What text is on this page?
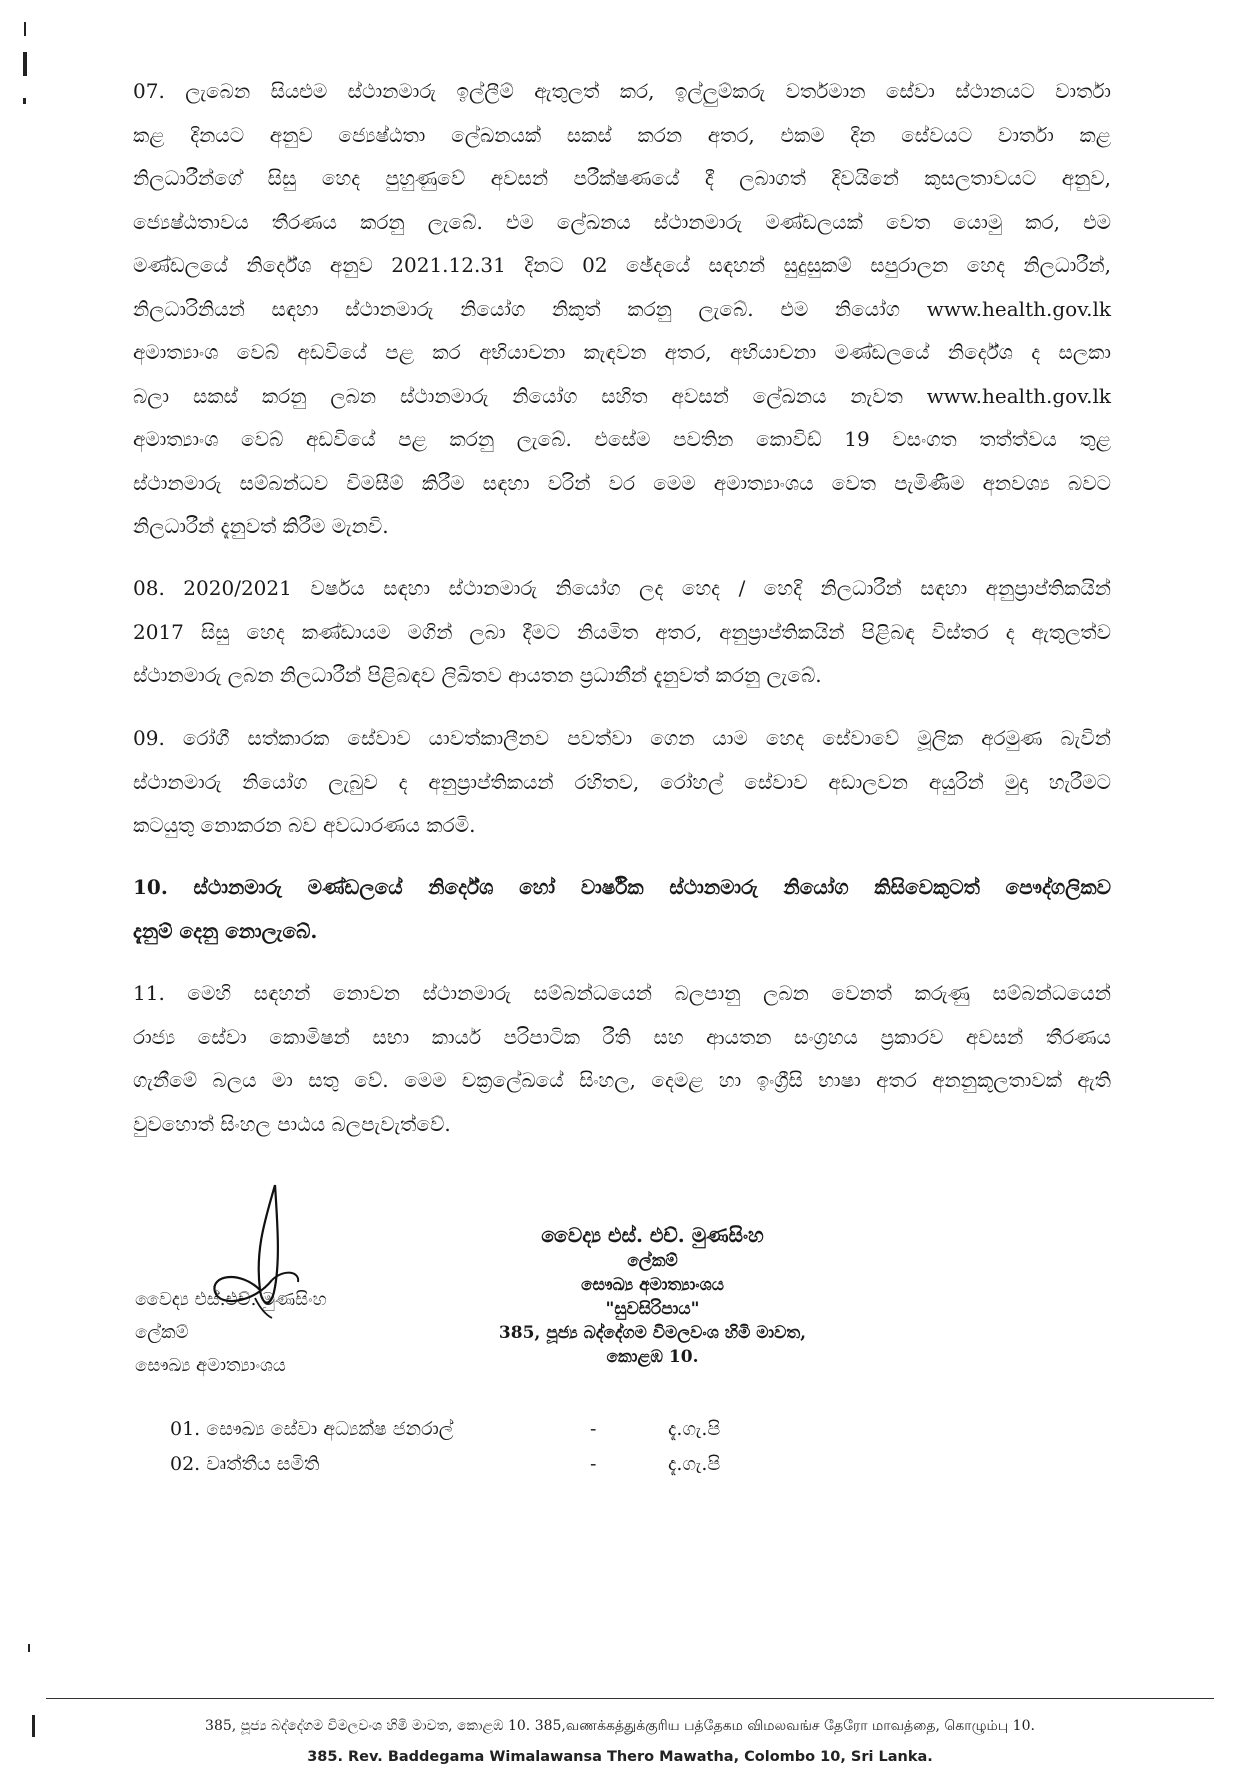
07. ලැබෙන සියළුම ස්ථානමාරු ඉල්ලීම් ඇතුලත් කර, ඉල්ලුම්කරු වර්තමාන සේවා ස්ථානයට වාර්තා
කළ දිනයට අනුව ජ්‍යෙෂ්ඨතා ලේඛනයක් සකස් කරන අතර, එකම දින සේවයට වාර්තා කළ
නිලධාරීන්ගේ සිසු හෙද පුහුණුවේ අවසන් පරීක්ෂණයේ දී ලබාගත් දිවයිනේ කුසලතාවයට අනුව,
ජ්‍යෙෂ්ඨතාවය තීරණය කරනු ලැබේ. එම ලේඛනය ස්ථානමාරු මණ්ඩලයක් වෙත යොමු කර, එම
මණ්ඩලයේ නිර්දේශ අනුව 2021.12.31 දිනට 02 ඡේදයේ සඳහන් සුදුසුකම් සපුරාලන හෙද නිලධාරීන්,
නිලධාරිනියන් සඳහා ස්ථානමාරු නියෝග නිකුත් කරනු ලැබේ. එම නියෝග www.health.gov.lk
අමාත්‍යාංශ වෙබ් අඩවියේ පළ කර අභියාචනා කැඳවන අතර, අභියාචනා මණ්ඩලයේ නිර්දේශ ද සලකා
බලා සකස් කරනු ලබන ස්ථානමාරු නියෝග සහිත අවසන් ලේඛනය නැවත www.health.gov.lk
අමාත්‍යාංශ වෙබ් අඩවියේ පළ කරනු ලැබේ. එසේම පවතින කොවිඩ් 19 වසංගත තත්ත්වය තුළ
ස්ථානමාරු සම්බන්ධව විමසීම් කිරීම සඳහා වරින් වර මෙම අමාත්‍යාංශය වෙත පැමිණීම අනවශ්‍ය බවට
නිලධාරීන් දැනුවත් කිරීම මැනවි.
08. 2020/2021 වර්ෂය සඳහා ස්ථානමාරු නියෝග ලද හෙද / හෙදි නිලධාරීන් සඳහා අනුප්‍රාප්තිකයින්
2017 සිසු හෙද කණ්ඩායම මගින් ලබා දීමට නියමිත අතර, අනුප්‍රාප්තිකයින් පිළිබඳ විස්තර ද ඇතුලත්ව
ස්ථානමාරු ලබන නිලධාරීන් පිළිබඳව ලිඛිතව ආයතන ප්‍රධානීන් දැනුවත් කරනු ලැබේ.
09. රෝගී සත්කාරක සේවාව යාවත්කාලීනව පවත්වා ගෙන යාම හෙද සේවාවේ මූලික අරමුණ බැවින්
ස්ථානමාරු නියෝග ලැබුව ද අනුප්‍රාප්තිකයන් රහිතව, රෝහල් සේවාව අඩාලවන අයුරින් මුදා හැරීමට
කටයුතු නොකරන බව අවධාරණය කරමි.
10. ස්ථානමාරු මණ්ඩලයේ නිර්දේශ හෝ වාර්ෂික ස්ථානමාරු නියෝග කිසිවෙකුටත් පෞද්ගලිකව
දැනුම් දෙනු නොලැබේ.
11. මෙහි සඳහන් නොවන ස්ථානමාරු සම්බන්ධයෙන් බලපානු ලබන වෙනත් කරුණු සම්බන්ධයෙන්
රාජ්‍ය සේවා කොමිෂන් සභා කාර්ය පරිපාටික රීති සහ ආයතන සංග්‍රහය ප්‍රකාරව අවසන් තීරණය
ගැනීමේ බලය මා සතු වේ. මෙම චක්‍රලේඛයේ සිංහල, දෙමළ හා ඉංග්‍රීසි භාෂා අතර අනනුකූලතාවක් ඇති
වුවහොත් සිංහල පාඨය බලපැවැත්වේ.
වෛද්‍ය එස්.එච්. මුණසිංහ
ලේකම්
සෞඛ්‍ය අමාත්‍යාංශය
වෛද්‍ය එස්. එච්. මුණසිංහ
ලේකම්
සෞඛ්‍ය අමාත්‍යාංශය
"සුවසිරිපාය"
385, පූජ්‍ය බද්දේගම විමලවංශ හිමි මාවත,
කොළඹ 10.
01. සෞඛ්‍ය සේවා අධ්‍යක්ෂ ජනරාල්	-	දැ.ගැ.පි
02. වෘත්තීය සමිති	-	දැ.ගැ.පි
385, පූජ්‍ය බද්දේගම විමලවංශ හිමි මාවත, කොළඹ 10. 385,வணக்கத்துக்குரிய பத்தேகம விமலவங்ச தேரோ மாவத்தை, கொழும்பு 10.
385. Rev. Baddegama Wimalawansa Thero Mawatha, Colombo 10, Sri Lanka.
